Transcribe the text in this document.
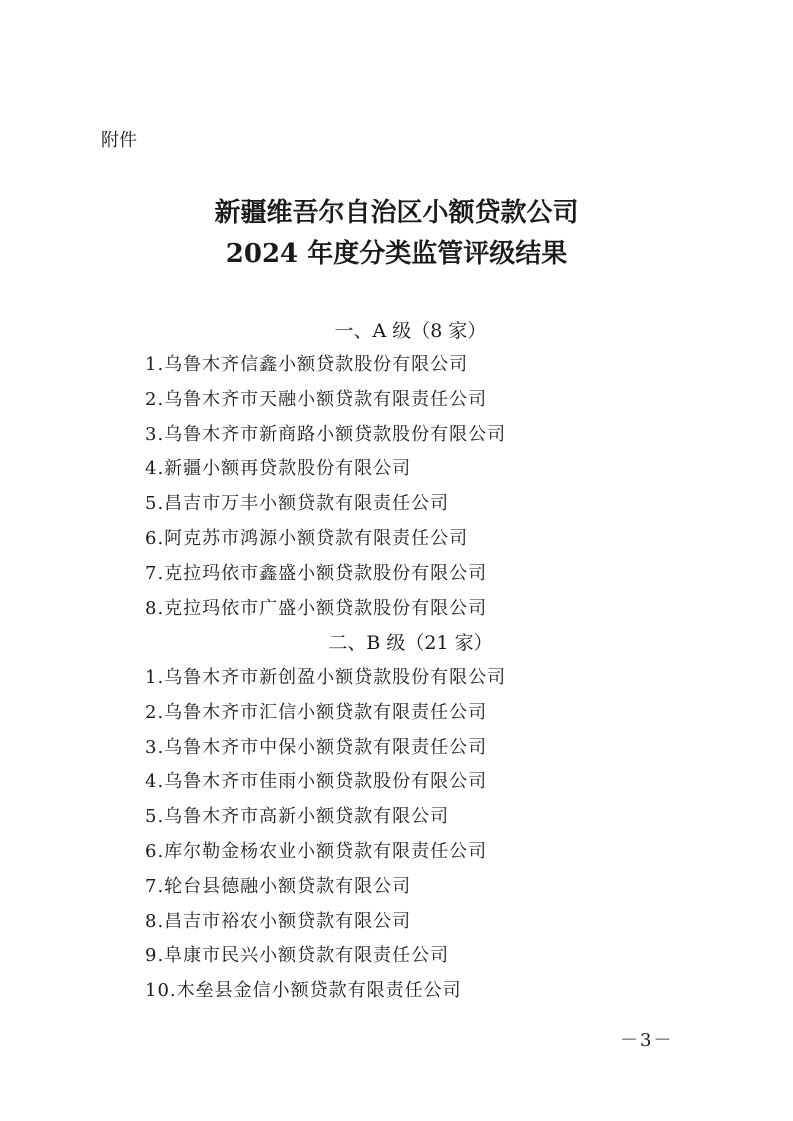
附件
新疆维吾尔自治区小额贷款公司
2024 年度分类监管评级结果
一、A 级（8 家）
1.乌鲁木齐信鑫小额贷款股份有限公司
2.乌鲁木齐市天融小额贷款有限责任公司
3.乌鲁木齐市新商路小额贷款股份有限公司
4.新疆小额再贷款股份有限公司
5.昌吉市万丰小额贷款有限责任公司
6.阿克苏市鸿源小额贷款有限责任公司
7.克拉玛依市鑫盛小额贷款股份有限公司
8.克拉玛依市广盛小额贷款股份有限公司
二、B 级（21 家）
1.乌鲁木齐市新创盈小额贷款股份有限公司
2.乌鲁木齐市汇信小额贷款有限责任公司
3.乌鲁木齐市中保小额贷款有限责任公司
4.乌鲁木齐市佳雨小额贷款股份有限公司
5.乌鲁木齐市高新小额贷款有限公司
6.库尔勒金杨农业小额贷款有限责任公司
7.轮台县德融小额贷款有限公司
8.昌吉市裕农小额贷款有限公司
9.阜康市民兴小额贷款有限责任公司
10.木垒县金信小额贷款有限责任公司
－3－
